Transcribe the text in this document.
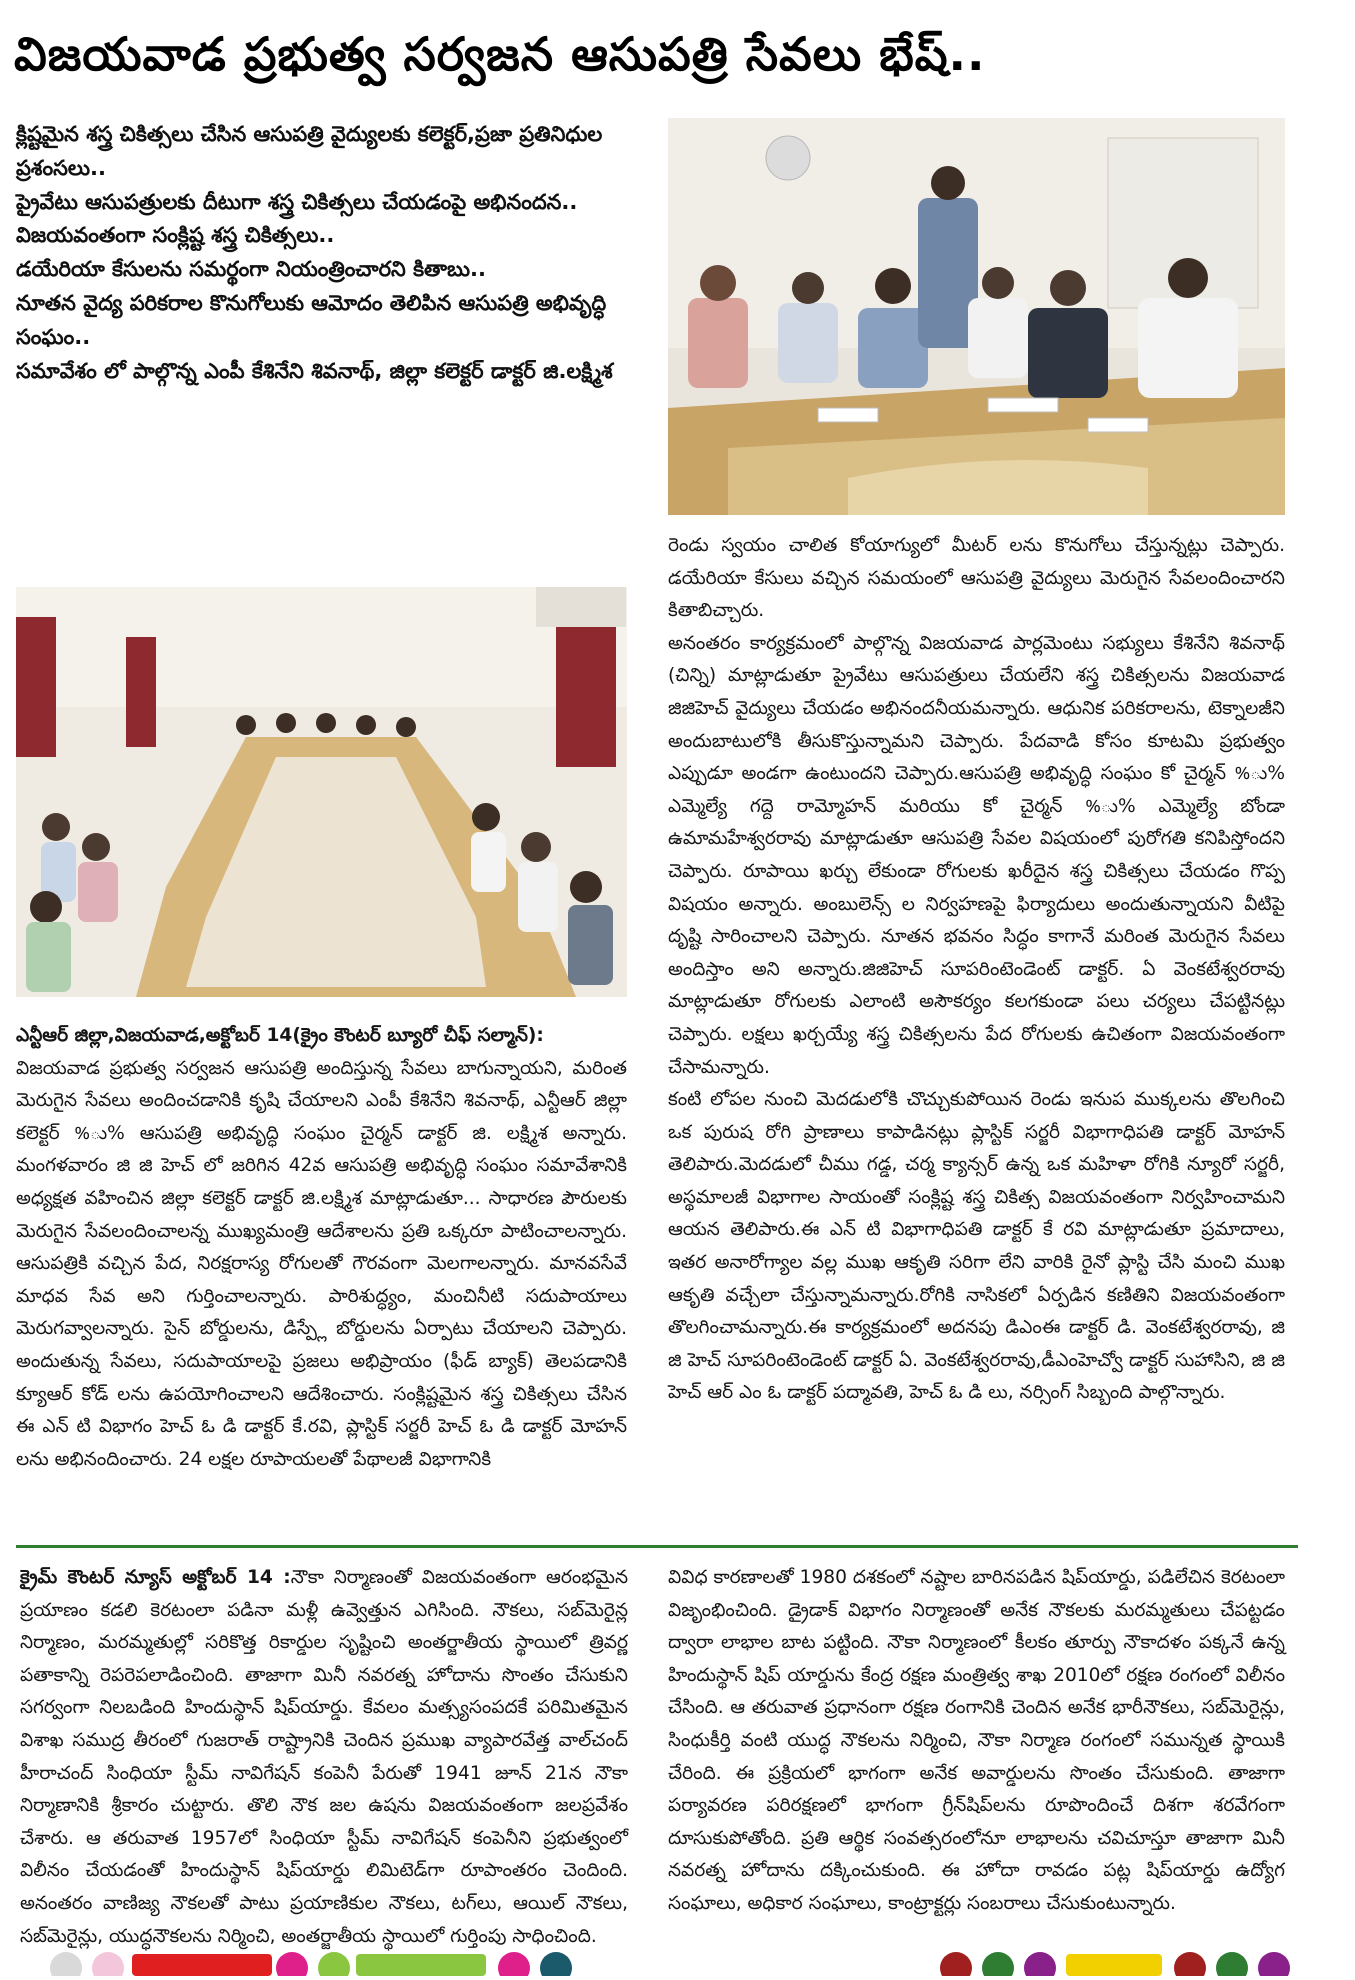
విజయవాడ ప్రభుత్వ సర్వజన ఆసుపత్రి సేవలు భేష్..
క్లిష్టమైన శస్త్ర చికిత్సలు చేసిన ఆసుపత్రి వైద్యులకు కలెక్టర్,ప్రజా ప్రతినిధుల ప్రశంసలు..
ప్రైవేటు ఆసుపత్రులకు దీటుగా శస్త్ర చికిత్సలు చేయడంపై అభినందన..
విజయవంతంగా సంక్లిష్ట శస్త్ర చికిత్సలు..
డయేరియా కేసులను సమర్థంగా నియంత్రించారని కితాబు..
నూతన వైద్య పరికరాల కొనుగోలుకు ఆమోదం తెలిపిన ఆసుపత్రి అభివృద్ధి సంఘం..
సమావేశం లో పాల్గొన్న ఎంపీ కేశినేని శివనాథ్, జిల్లా కలెక్టర్ డాక్టర్ జి.లక్ష్మిశ

ఎన్టీఆర్ జిల్లా,విజయవాడ,అక్టోబర్ 14(క్రైం కౌంటర్ బ్యూరో చీఫ్ సల్మాన్):

విజయవాడ ప్రభుత్వ సర్వజన ఆసుపత్రి అందిస్తున్న సేవలు బాగున్నాయని, మరింత మెరుగైన సేవలు అందించడానికి కృషి చేయాలని ఎంపీ కేశినేని శివనాథ్, ఎన్టీఆర్ జిల్లా కలెక్టర్ %ు% ఆసుపత్రి అభివృద్ధి సంఘం చైర్మన్ డాక్టర్ జి. లక్ష్మిశ అన్నారు. మంగళవారం జి జి హెచ్ లో జరిగిన 42వ ఆసుపత్రి అభివృద్ధి సంఘం సమావేశానికి అధ్యక్షత వహించిన జిల్లా కలెక్టర్ డాక్టర్ జి.లక్ష్మిశ మాట్లాడుతూ... సాధారణ పౌరులకు మెరుగైన సేవలందించాలన్న ముఖ్యమంత్రి ఆదేశాలను ప్రతి ఒక్కరూ పాటించాలన్నారు. ఆసుపత్రికి వచ్చిన పేద, నిరక్షరాస్య రోగులతో గౌరవంగా మెలగాలన్నారు. మానవసేవే మాధవ సేవ అని గుర్తించాలన్నారు. పారిశుద్ధ్యం, మంచినీటి సదుపాయాలు మెరుగవ్వాలన్నారు. సైన్ బోర్డులను, డిస్ప్లే బోర్డులను ఏర్పాటు చేయాలని చెప్పారు. అందుతున్న సేవలు, సదుపాయాలపై ప్రజలు అభిప్రాయం (ఫీడ్ బ్యాక్) తెలపడానికి క్యూఆర్ కోడ్ లను ఉపయోగించాలని ఆదేశించారు. సంక్లిష్టమైన శస్త్ర చికిత్సలు చేసిన ఈ ఎన్ టి విభాగం హెచ్ ఓ డి డాక్టర్ కే.రవి, ప్లాస్టిక్ సర్జరీ హెచ్ ఓ డి డాక్టర్ మోహన్ లను అభినందించారు. 24 లక్షల రూపాయలతో పేథాలజీ విభాగానికి

రెండు స్వయం చాలిత కోయాగ్యులో మీటర్ లను కొనుగోలు చేస్తున్నట్లు చెప్పారు. డయేరియా కేసులు వచ్చిన సమయంలో ఆసుపత్రి వైద్యులు మెరుగైన సేవలందించారని కితాబిచ్చారు.

అనంతరం కార్యక్రమంలో పాల్గొన్న విజయవాడ పార్లమెంటు సభ్యులు కేశినేని శివనాథ్ (చిన్ని) మాట్లాడుతూ ప్రైవేటు ఆసుపత్రులు చేయలేని శస్త్ర చికిత్సలను విజయవాడ జిజిహెచ్ వైద్యులు చేయడం అభినందనీయమన్నారు. ఆధునిక పరికరాలను, టెక్నాలజీని అందుబాటులోకి తీసుకొస్తున్నామని చెప్పారు. పేదవాడి కోసం కూటమి ప్రభుత్వం ఎప్పుడూ అండగా ఉంటుందని చెప్పారు.ఆసుపత్రి అభివృద్ధి సంఘం కో చైర్మన్ %ు% ఎమ్మెల్యే గద్దె రామ్మోహన్ మరియు కో చైర్మన్ %ు% ఎమ్మెల్యే బోండా ఉమామహేశ్వరరావు మాట్లాడుతూ ఆసుపత్రి సేవల విషయంలో పురోగతి కనిపిస్తోందని చెప్పారు. రూపాయి ఖర్చు లేకుండా రోగులకు ఖరీదైన శస్త్ర చికిత్సలు చేయడం గొప్ప విషయం అన్నారు. అంబులెన్స్ ల నిర్వహణపై ఫిర్యాదులు అందుతున్నాయని వీటిపై దృష్టి సారించాలని చెప్పారు. నూతన భవనం సిద్ధం కాగానే మరింత మెరుగైన సేవలు అందిస్తాం అని అన్నారు.జిజిహెచ్ సూపరింటెండెంట్ డాక్టర్. ఏ వెంకటేశ్వరరావు మాట్లాడుతూ రోగులకు ఎలాంటి అసౌకర్యం కలగకుండా పలు చర్యలు చేపట్టినట్లు చెప్పారు. లక్షలు ఖర్చయ్యే శస్త్ర చికిత్సలను పేద రోగులకు ఉచితంగా విజయవంతంగా చేసామన్నారు.

కంటి లోపల నుంచి మెదడులోకి చొచ్చుకుపోయిన రెండు ఇనుప ముక్కలను తొలగించి ఒక పురుష రోగి ప్రాణాలు కాపాడినట్లు ప్లాస్టిక్ సర్జరీ విభాగాధిపతి డాక్టర్ మోహన్ తెలిపారు.మెదడులో చీము గడ్డ, చర్మ క్యాన్సర్ ఉన్న ఒక మహిళా రోగికి న్యూరో సర్జరీ, అస్థమాలజీ విభాగాల సాయంతో సంక్లిష్ట శస్త్ర చికిత్స విజయవంతంగా నిర్వహించామని ఆయన తెలిపారు.ఈ ఎన్ టి విభాగాధిపతి డాక్టర్ కే రవి మాట్లాడుతూ ప్రమాదాలు, ఇతర అనారోగ్యాల వల్ల ముఖ ఆకృతి సరిగా లేని వారికి రైనో ప్లాస్టి చేసి మంచి ముఖ ఆకృతి వచ్చేలా చేస్తున్నామన్నారు.రోగికి నాసికలో ఏర్పడిన కణితిని విజయవంతంగా తొలగించామన్నారు.ఈ కార్యక్రమంలో అదనపు డిఎంఈ డాక్టర్ డి. వెంకటేశ్వరరావు, జి జి హెచ్ సూపరింటెండెంట్ డాక్టర్ ఏ. వెంకటేశ్వరరావు,డీఎంహెచ్వో డాక్టర్ సుహాసిని, జి జి హెచ్ ఆర్ ఎం ఓ డాక్టర్ పద్మావతి, హెచ్ ఓ డి లు, నర్సింగ్ సిబ్బంది పాల్గొన్నారు.

క్రైమ్ కౌంటర్ న్యూస్ అక్టోబర్ 14 :నౌకా నిర్మాణంతో విజయవంతంగా ఆరంభమైన ప్రయాణం కడలి కెరటంలా పడినా మళ్లీ ఉవ్వెత్తున ఎగిసింది. నౌకలు, సబ్‌మెరైన్ల నిర్మాణం, మరమ్మతుల్లో సరికొత్త రికార్డుల సృష్టించి అంతర్జాతీయ స్థాయిలో త్రివర్ణ పతాకాన్ని రెపరెపలాడించింది. తాజాగా మినీ నవరత్న హోదాను సొంతం చేసుకుని సగర్వంగా నిలబడింది హిందుస్థాన్ షిప్‌యార్డు. కేవలం మత్స్యసంపదకే పరిమితమైన విశాఖ సముద్ర తీరంలో గుజరాత్ రాష్ట్రానికి చెందిన ప్రముఖ వ్యాపారవేత్త వాల్‌చంద్ హీరాచంద్ సింధియా స్టీమ్ నావిగేషన్ కంపెనీ పేరుతో 1941 జూన్ 21న నౌకా నిర్మాణానికి శ్రీకారం చుట్టారు. తొలి నౌక జల ఉషను విజయవంతంగా జలప్రవేశం చేశారు. ఆ తరువాత 1957లో సింధియా స్టీమ్ నావిగేషన్ కంపెనీని ప్రభుత్వంలో విలీనం చేయడంతో హిందుస్థాన్ షిప్‌యార్డు లిమిటెడ్‌గా రూపాంతరం చెందింది. అనంతరం వాణిజ్య నౌకలతో పాటు ప్రయాణికుల నౌకలు, టగ్‌లు, ఆయిల్ నౌకలు, సబ్‌మెరైన్లు, యుద్ధనౌకలను నిర్మించి, అంతర్జాతీయ స్థాయిలో గుర్తింపు సాధించింది.

వివిధ కారణాలతో 1980 దశకంలో నష్టాల బారినపడిన షిప్‌యార్డు, పడిలేచిన కెరటంలా విజృంభించింది. డ్రైడాక్ విభాగం నిర్మాణంతో అనేక నౌకలకు మరమ్మతులు చేపట్టడం ద్వారా లాభాల బాట పట్టింది. నౌకా నిర్మాణంలో కీలకం తూర్పు నౌకాదళం పక్కనే ఉన్న హిందుస్థాన్ షిప్ యార్డును కేంద్ర రక్షణ మంత్రిత్వ శాఖ 2010లో రక్షణ రంగంలో విలీనం చేసింది. ఆ తరువాత ప్రధానంగా రక్షణ రంగానికి చెందిన అనేక భారీనౌకలు, సబ్‌మెరైన్లు, సింధుకీర్తి వంటి యుద్ధ నౌకలను నిర్మించి, నౌకా నిర్మాణ రంగంలో సమున్నత స్థాయికి చేరింది. ఈ ప్రక్రియలో భాగంగా అనేక అవార్డులను సొంతం చేసుకుంది. తాజాగా పర్యావరణ పరిరక్షణలో భాగంగా గ్రీన్‌షిప్‌లను రూపొందించే దిశగా శరవేగంగా దూసుకుపోతోంది. ప్రతి ఆర్థిక సంవత్సరంలోనూ లాభాలను చవిచూస్తూ తాజాగా మినీ నవరత్న హోదాను దక్కించుకుంది. ఈ హోదా రావడం పట్ల షిప్‌యార్డు ఉద్యోగ సంఘాలు, అధికార సంఘాలు, కాంట్రాక్టర్లు సంబరాలు చేసుకుంటున్నారు.
